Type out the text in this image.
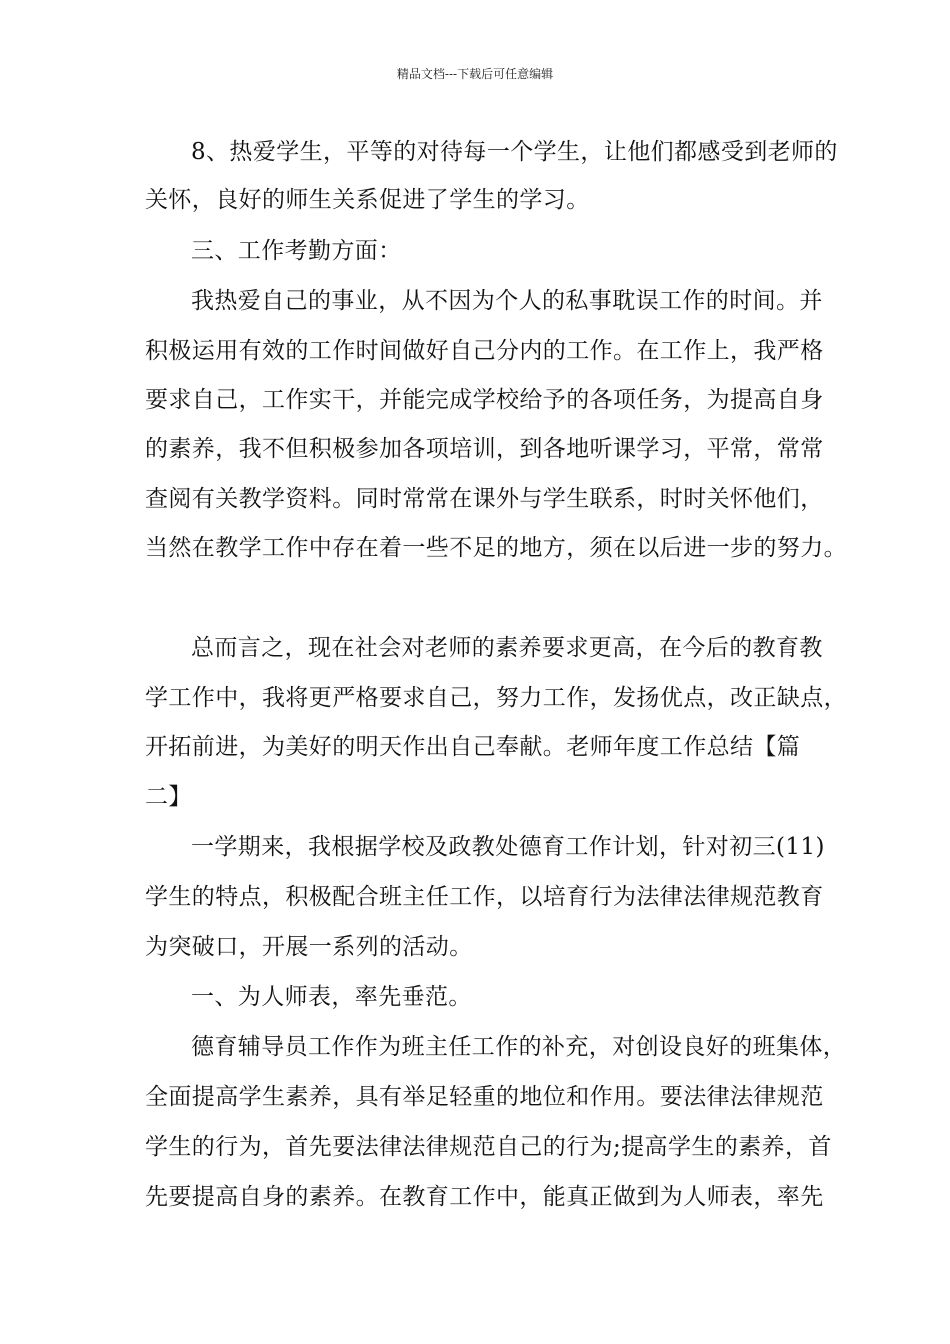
精品文档---下载后可任意编辑
8、热爱学生，平等的对待每一个学生，让他们都感受到老师的
关怀，良好的师生关系促进了学生的学习。
三、工作考勤方面：
我热爱自己的事业，从不因为个人的私事耽误工作的时间。并
积极运用有效的工作时间做好自己分内的工作。在工作上，我严格
要求自己，工作实干，并能完成学校给予的各项任务，为提高自身
的素养，我不但积极参加各项培训，到各地听课学习，平常，常常
查阅有关教学资料。同时常常在课外与学生联系，时时关怀他们，
当然在教学工作中存在着一些不足的地方，须在以后进一步的努力。
总而言之，现在社会对老师的素养要求更高，在今后的教育教
学工作中，我将更严格要求自己，努力工作，发扬优点，改正缺点，
开拓前进，为美好的明天作出自己奉献。老师年度工作总结【篇
二】
一学期来，我根据学校及政教处德育工作计划，针对初三(11)
学生的特点，积极配合班主任工作，以培育行为法律法律规范教育
为突破口，开展一系列的活动。
一、为人师表，率先垂范。
德育辅导员工作作为班主任工作的补充，对创设良好的班集体，
全面提高学生素养，具有举足轻重的地位和作用。要法律法律规范
学生的行为，首先要法律法律规范自己的行为;提高学生的素养，首
先要提高自身的素养。在教育工作中，能真正做到为人师表，率先
